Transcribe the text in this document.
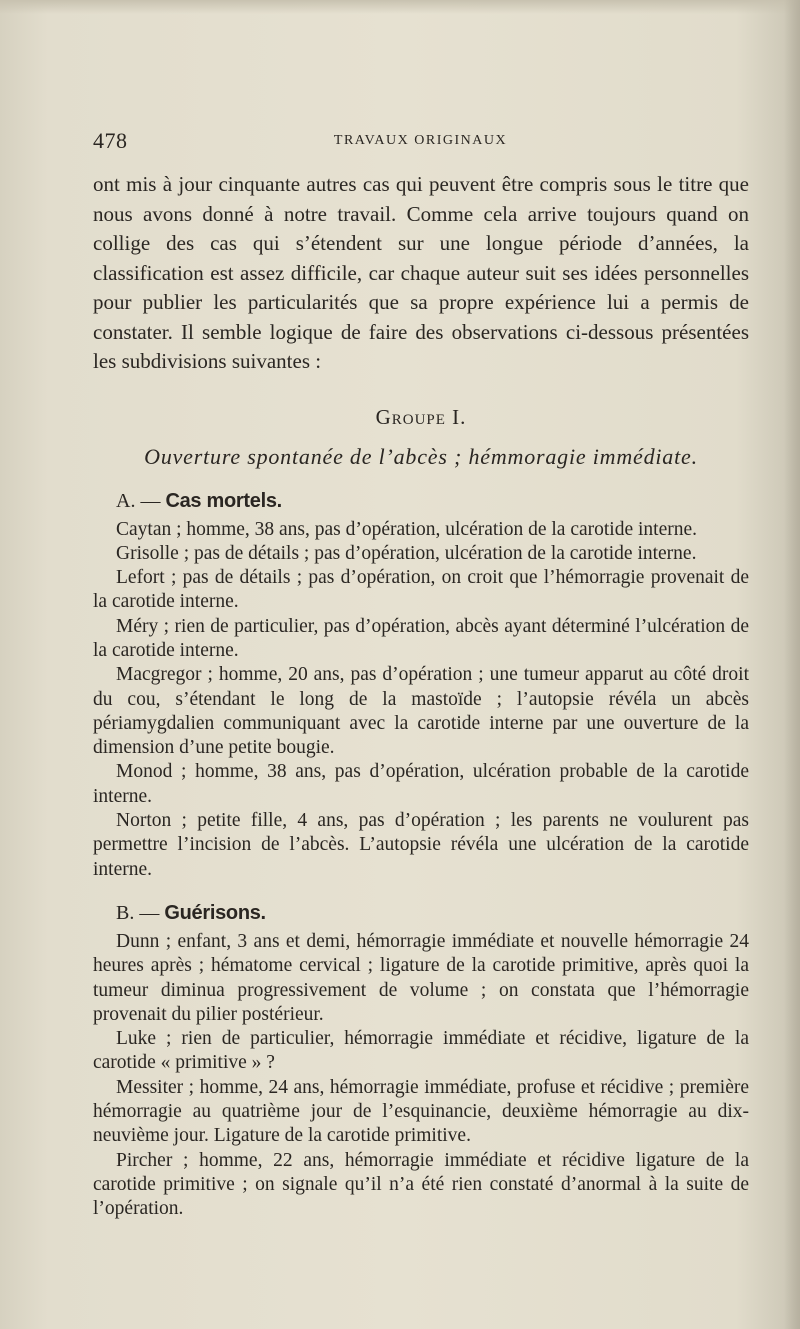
478	TRAVAUX ORIGINAUX

ont mis à jour cinquante autres cas qui peuvent être compris sous le titre que nous avons donné à notre travail. Comme cela arrive toujours quand on collige des cas qui s’étendent sur une longue période d’années, la classification est assez difficile, car chaque auteur suit ses idées personnelles pour publier les particularités que sa propre expérience lui a permis de constater. Il semble logique de faire des observations ci-dessous présentées les subdivisions suivantes :

Groupe I.
Ouverture spontanée de l’abcès ; hémmoragie immédiate.
A. — Cas mortels.

Caytan ; homme, 38 ans, pas d’opération, ulcération de la carotide interne.

Grisolle ; pas de détails ; pas d’opération, ulcération de la carotide interne.

Lefort ; pas de détails ; pas d’opération, on croit que l’hémorragie provenait de la carotide interne.

Méry ; rien de particulier, pas d’opération, abcès ayant déterminé l’ulcération de la carotide interne.

Macgregor ; homme, 20 ans, pas d’opération ; une tumeur apparut au côté droit du cou, s’étendant le long de la mastoïde ; l’autopsie révéla un abcès périamygdalien communiquant avec la carotide interne par une ouverture de la dimension d’une petite bougie.

Monod ; homme, 38 ans, pas d’opération, ulcération probable de la carotide interne.

Norton ; petite fille, 4 ans, pas d’opération ; les parents ne voulurent pas permettre l’incision de l’abcès. L’autopsie révéla une ulcération de la carotide interne.

B. — Guérisons.

Dunn ; enfant, 3 ans et demi, hémorragie immédiate et nouvelle hémorragie 24 heures après ; hématome cervical ; ligature de la carotide primitive, après quoi la tumeur diminua progressivement de volume ; on constata que l’hémorragie provenait du pilier postérieur.

Luke ; rien de particulier, hémorragie immédiate et récidive, ligature de la carotide « primitive » ?

Messiter ; homme, 24 ans, hémorragie immédiate, profuse et récidive ; première hémorragie au quatrième jour de l’esquinancie, deuxième hémorragie au dix-neuvième jour. Ligature de la carotide primitive.

Pircher ; homme, 22 ans, hémorragie immédiate et récidive ligature de la carotide primitive ; on signale qu’il n’a été rien constaté d’anormal à la suite de l’opération.
